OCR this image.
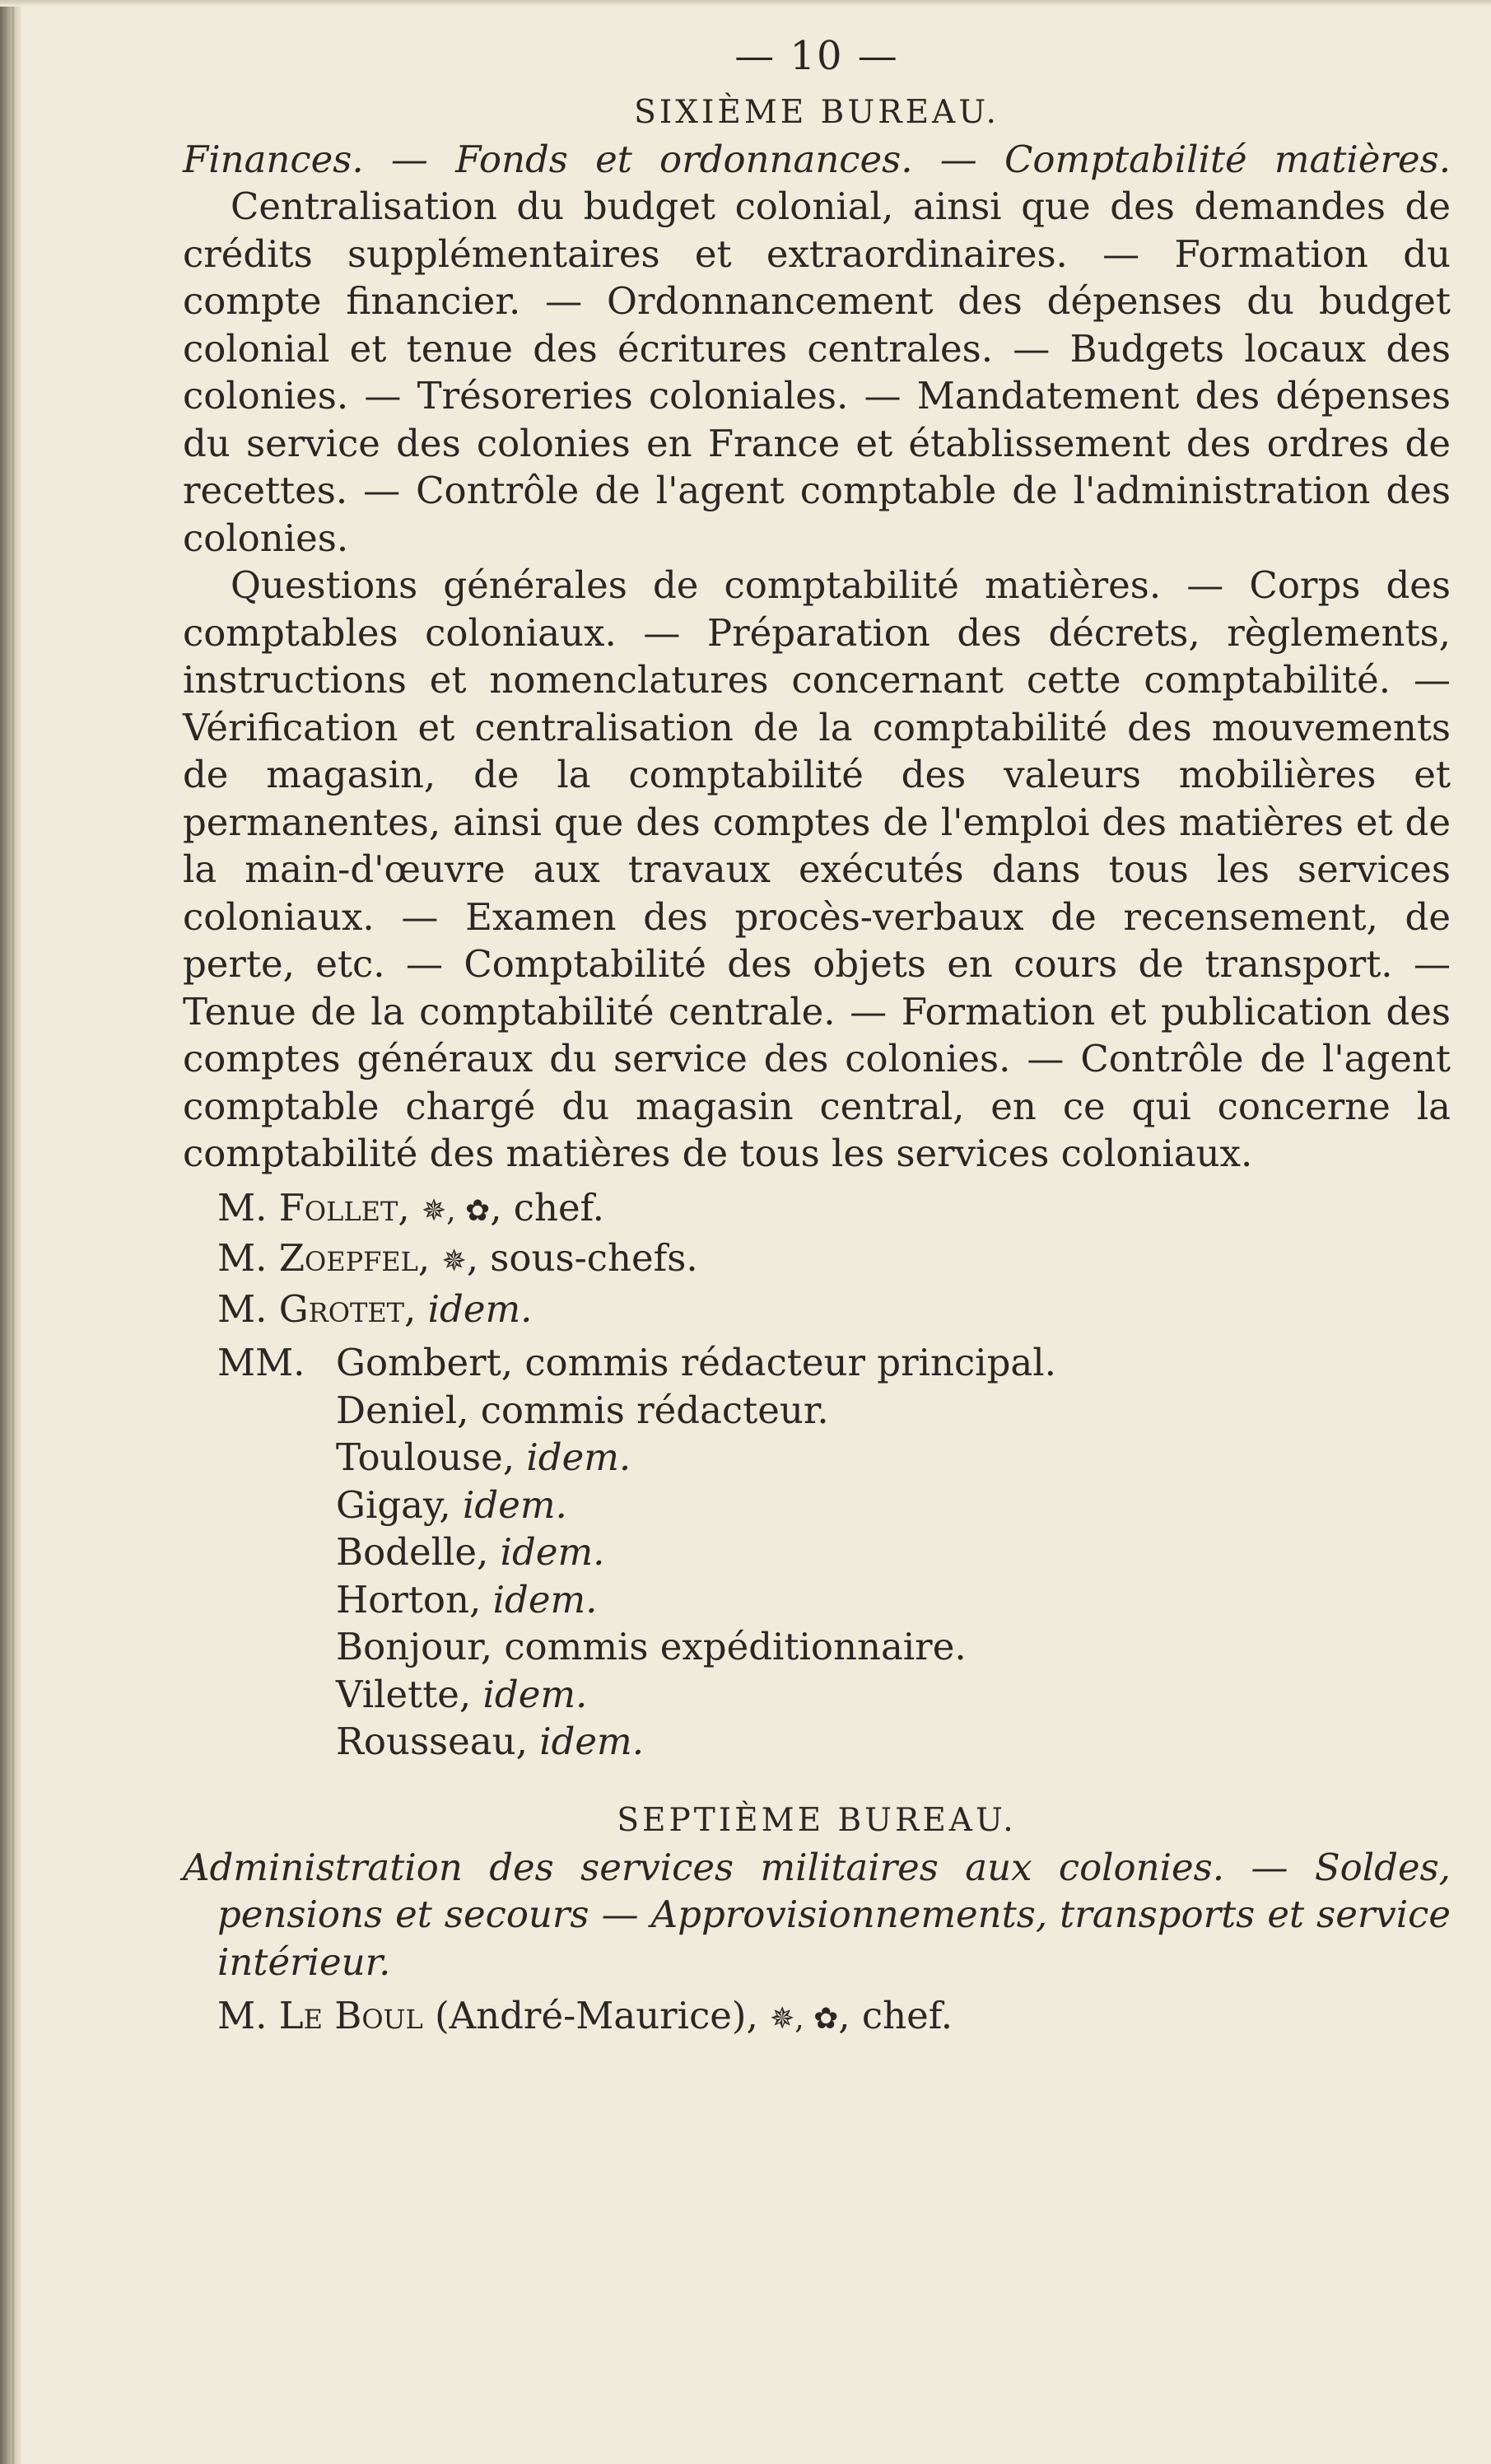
— 10 —
SIXIÈME BUREAU.
Finances. — Fonds et ordonnances. — Comptabilité matières.

Centralisation du budget colonial, ainsi que des demandes de crédits supplémentaires et extraordinaires. — Formation du compte financier. — Ordonnancement des dépenses du budget colonial et tenue des écritures centrales. — Budgets locaux des colonies. — Trésoreries coloniales. — Mandatement des dépenses du service des colonies en France et établissement des ordres de recettes. — Contrôle de l'agent comptable de l'administration des colonies.

Questions générales de comptabilité matières. — Corps des comptables coloniaux. — Préparation des décrets, règlements, instructions et nomenclatures concernant cette comptabilité. — Vérification et centralisation de la comptabilité des mouvements de magasin, de la comptabilité des valeurs mobilières et permanentes, ainsi que des comptes de l'emploi des matières et de la main-d'œuvre aux travaux exécutés dans tous les services coloniaux. — Examen des procès-verbaux de recensement, de perte, etc. — Comptabilité des objets en cours de transport. — Tenue de la comptabilité centrale. — Formation et publication des comptes généraux du service des colonies. — Contrôle de l'agent comptable chargé du magasin central, en ce qui concerne la comptabilité des matières de tous les services coloniaux.

M. Follet, ✵, ✿, chef.
M. Zoepfel, ✵, sous-chefs.
M. Grotet, idem.
MM. Gombert, commis rédacteur principal.
Deniel, commis rédacteur.
Toulouse, idem.
Gigay, idem.
Bodelle, idem.
Horton, idem.
Bonjour, commis expéditionnaire.
Vilette, idem.
Rousseau, idem.
SEPTIÈME BUREAU.
Administration des services militaires aux colonies. — Soldes, pensions et secours — Approvisionnements, transports et service intérieur.
M. Le Boul (André-Maurice), ✵, ✿, chef.
